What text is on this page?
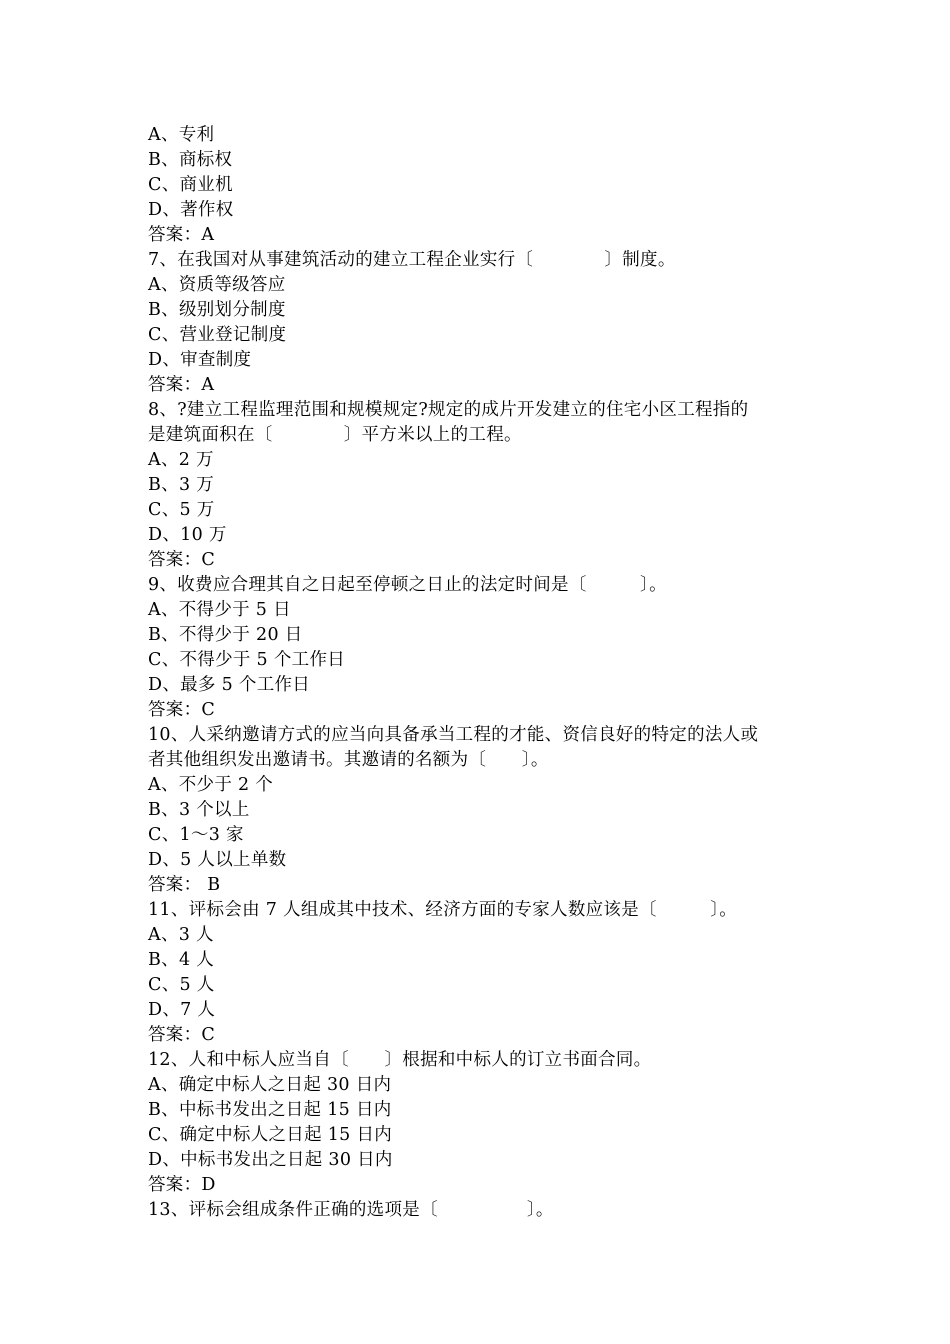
A、专利
B、商标权
C、商业机
D、著作权
答案：A
7、在我国对从事建筑活动的建立工程企业实行〔　　　　〕制度。
A、资质等级答应
B、级别划分制度
C、营业登记制度
D、审查制度
答案：A
8、?建立工程监理范围和规模规定?规定的成片开发建立的住宅小区工程指的
是建筑面积在〔　　　　〕平方米以上的工程。
A、2 万
B、3 万
C、5 万
D、10 万
答案：C
9、收费应合理其自之日起至停顿之日止的法定时间是〔　　　〕。
A、不得少于 5 日
B、不得少于 20 日
C、不得少于 5 个工作日
D、最多 5 个工作日
答案：C
10、人采纳邀请方式的应当向具备承当工程的才能、资信良好的特定的法人或
者其他组织发出邀请书。其邀请的名额为〔　　〕。
A、不少于 2 个
B、3 个以上
C、1～3 家
D、5 人以上单数
答案： B
11、评标会由 7 人组成其中技术、经济方面的专家人数应该是〔　　　〕。
A、3 人
B、4 人
C、5 人
D、7 人
答案：C
12、人和中标人应当自〔　　〕根据和中标人的订立书面合同。
A、确定中标人之日起 30 日内
B、中标书发出之日起 15 日内
C、确定中标人之日起 15 日内
D、中标书发出之日起 30 日内
答案：D
13、评标会组成条件正确的选项是〔　　　　　〕。
